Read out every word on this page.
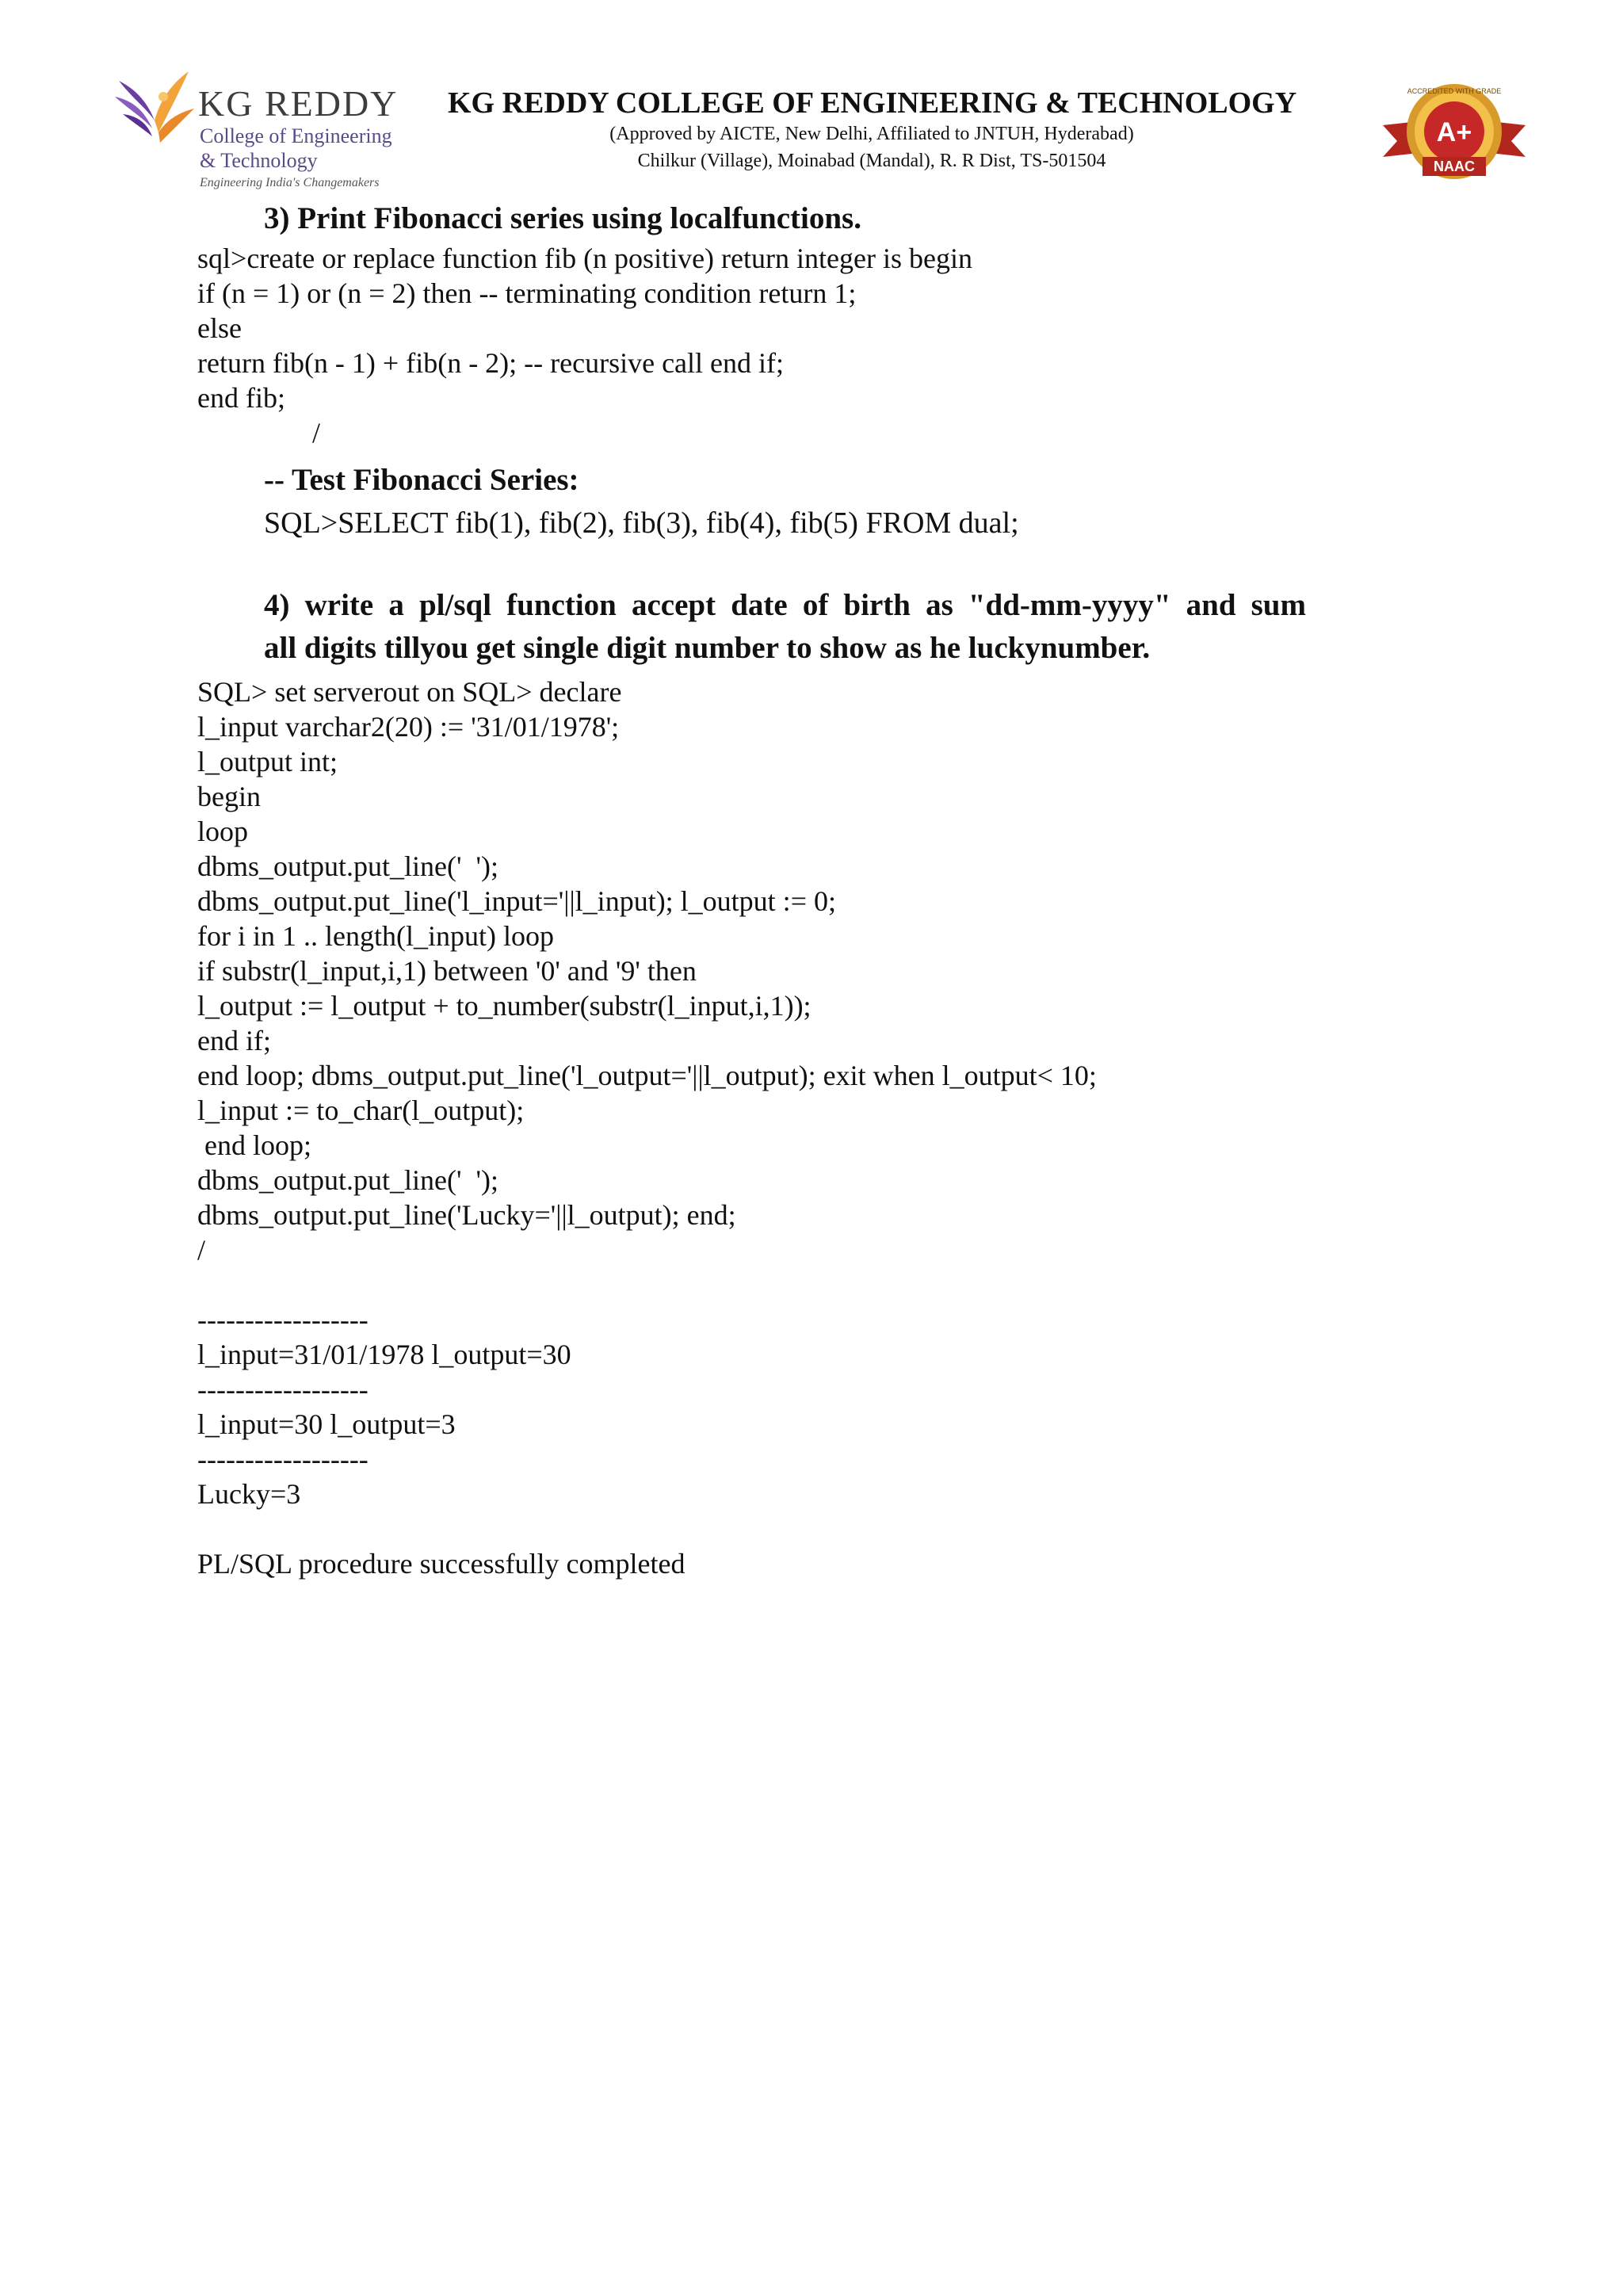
KG REDDY
College of Engineering
& Technology
Engineering India's Changemakers
KG REDDY COLLEGE OF ENGINEERING & TECHNOLOGY
(Approved by AICTE, New Delhi, Affiliated to JNTUH, Hyderabad)
Chilkur (Village), Moinabad (Mandal), R. R Dist, TS-501504
ACCREDITED WITH GRADE
A+
NAAC
3) Print Fibonacci series using localfunctions.
sql>create or replace function fib (n positive) return integer is begin
if (n = 1) or (n = 2) then -- terminating condition return 1;
else
return fib(n - 1) + fib(n - 2); -- recursive call end if;
end fib;
/
-- Test Fibonacci Series:
SQL>SELECT fib(1), fib(2), fib(3), fib(4), fib(5) FROM dual;
4) write a pl/sql function accept date of birth as "dd-mm-yyyy" and sum
all digits tillyou get single digit number to show as he luckynumber.
SQL> set serverout on SQL> declare
l_input varchar2(20) := '31/01/1978';
l_output int;
begin
loop
dbms_output.put_line('  ');
dbms_output.put_line('l_input='||l_input); l_output := 0;
for i in 1 .. length(l_input) loop
if substr(l_input,i,1) between '0' and '9' then
l_output := l_output + to_number(substr(l_input,i,1));
end if;
end loop; dbms_output.put_line('l_output='||l_output); exit when l_output< 10;
l_input := to_char(l_output);
end loop;
dbms_output.put_line('  ');
dbms_output.put_line('Lucky='||l_output); end;
/
------------------
l_input=31/01/1978 l_output=30
------------------
l_input=30 l_output=3
------------------
Lucky=3
PL/SQL procedure successfully completed
